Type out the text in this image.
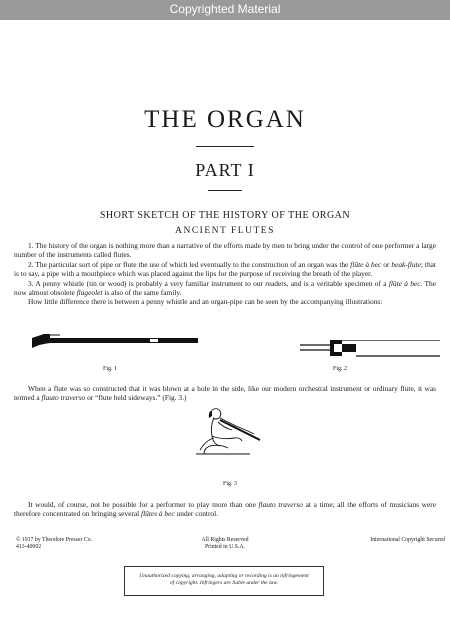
Copyrighted Material
THE ORGAN
PART I
SHORT SKETCH OF THE HISTORY OF THE ORGAN
ANCIENT FLUTES

1. The history of the organ is nothing more than a narrative of the efforts made by men to bring under the control of one performer a large number of the instruments called flutes.

2. The particular sort of pipe or flute the use of which led eventually to the construction of an organ was the flûte à bec or beak-flute; that is to say, a pipe with a mouthpiece which was placed against the lips for the purpose of receiving the breath of the player.

3. A penny whistle (tin or wood) is probably a very familiar instrument to our readers, and is a veritable specimen of a flûte à bec. The now almost obsolete flageolet is also of the same family.

How little difference there is between a penny whistle and an organ-pipe can be seen by the accompanying illustrations:

Fig. 1	Fig. 2

When a flute was so constructed that it was blown at a hole in the side, like our modern orchestral instrument or ordinary flute, it was termed a flauto traverso or “flute held sideways.” (Fig. 3.)

Fig. 3

It would, of course, not be possible for a performer to play more than one flauto traverso at a time; all the efforts of musicians were therefore concentrated on bringing several flûtes à bec under control.

© 1917 by Theodore Presser Co.
413-40002
All Rights Reserved
Printed in U.S.A.
International Copyright Secured
Unauthorized copying, arranging, adapting or recording is an infringement
of copyright. Infringers are liable under the law.
